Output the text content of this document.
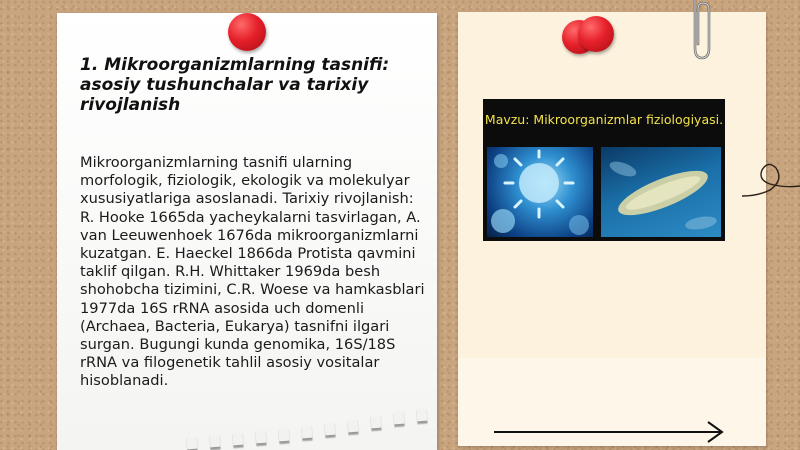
1. Mikroorganizmlarning tasnifi: asosiy tushunchalar va tarixiy rivojlanish
Mikroorganizmlarning tasnifi ularning morfologik, fiziologik, ekologik va molekulyar xususiyatlariga asoslanadi. Tarixiy rivojlanish: R. Hooke 1665da yacheykalarni tasvirlagan, A. van Leeuwenhoek 1676da mikroorganizmlarni kuzatgan. E. Haeckel 1866da Protista qavmini taklif qilgan. R.H. Whittaker 1969da besh shohobcha tizimini, C.R. Woese va hamkasblari 1977da 16S rRNA asosida uch domenli (Archaea, Bacteria, Eukarya) tasnifni ilgari surgan. Bugungi kunda genomika, 16S/18S rRNA va filogenetik tahlil asosiy vositalar hisoblanadi.
Mavzu: Mikroorganizmlar fiziologiyasi.
